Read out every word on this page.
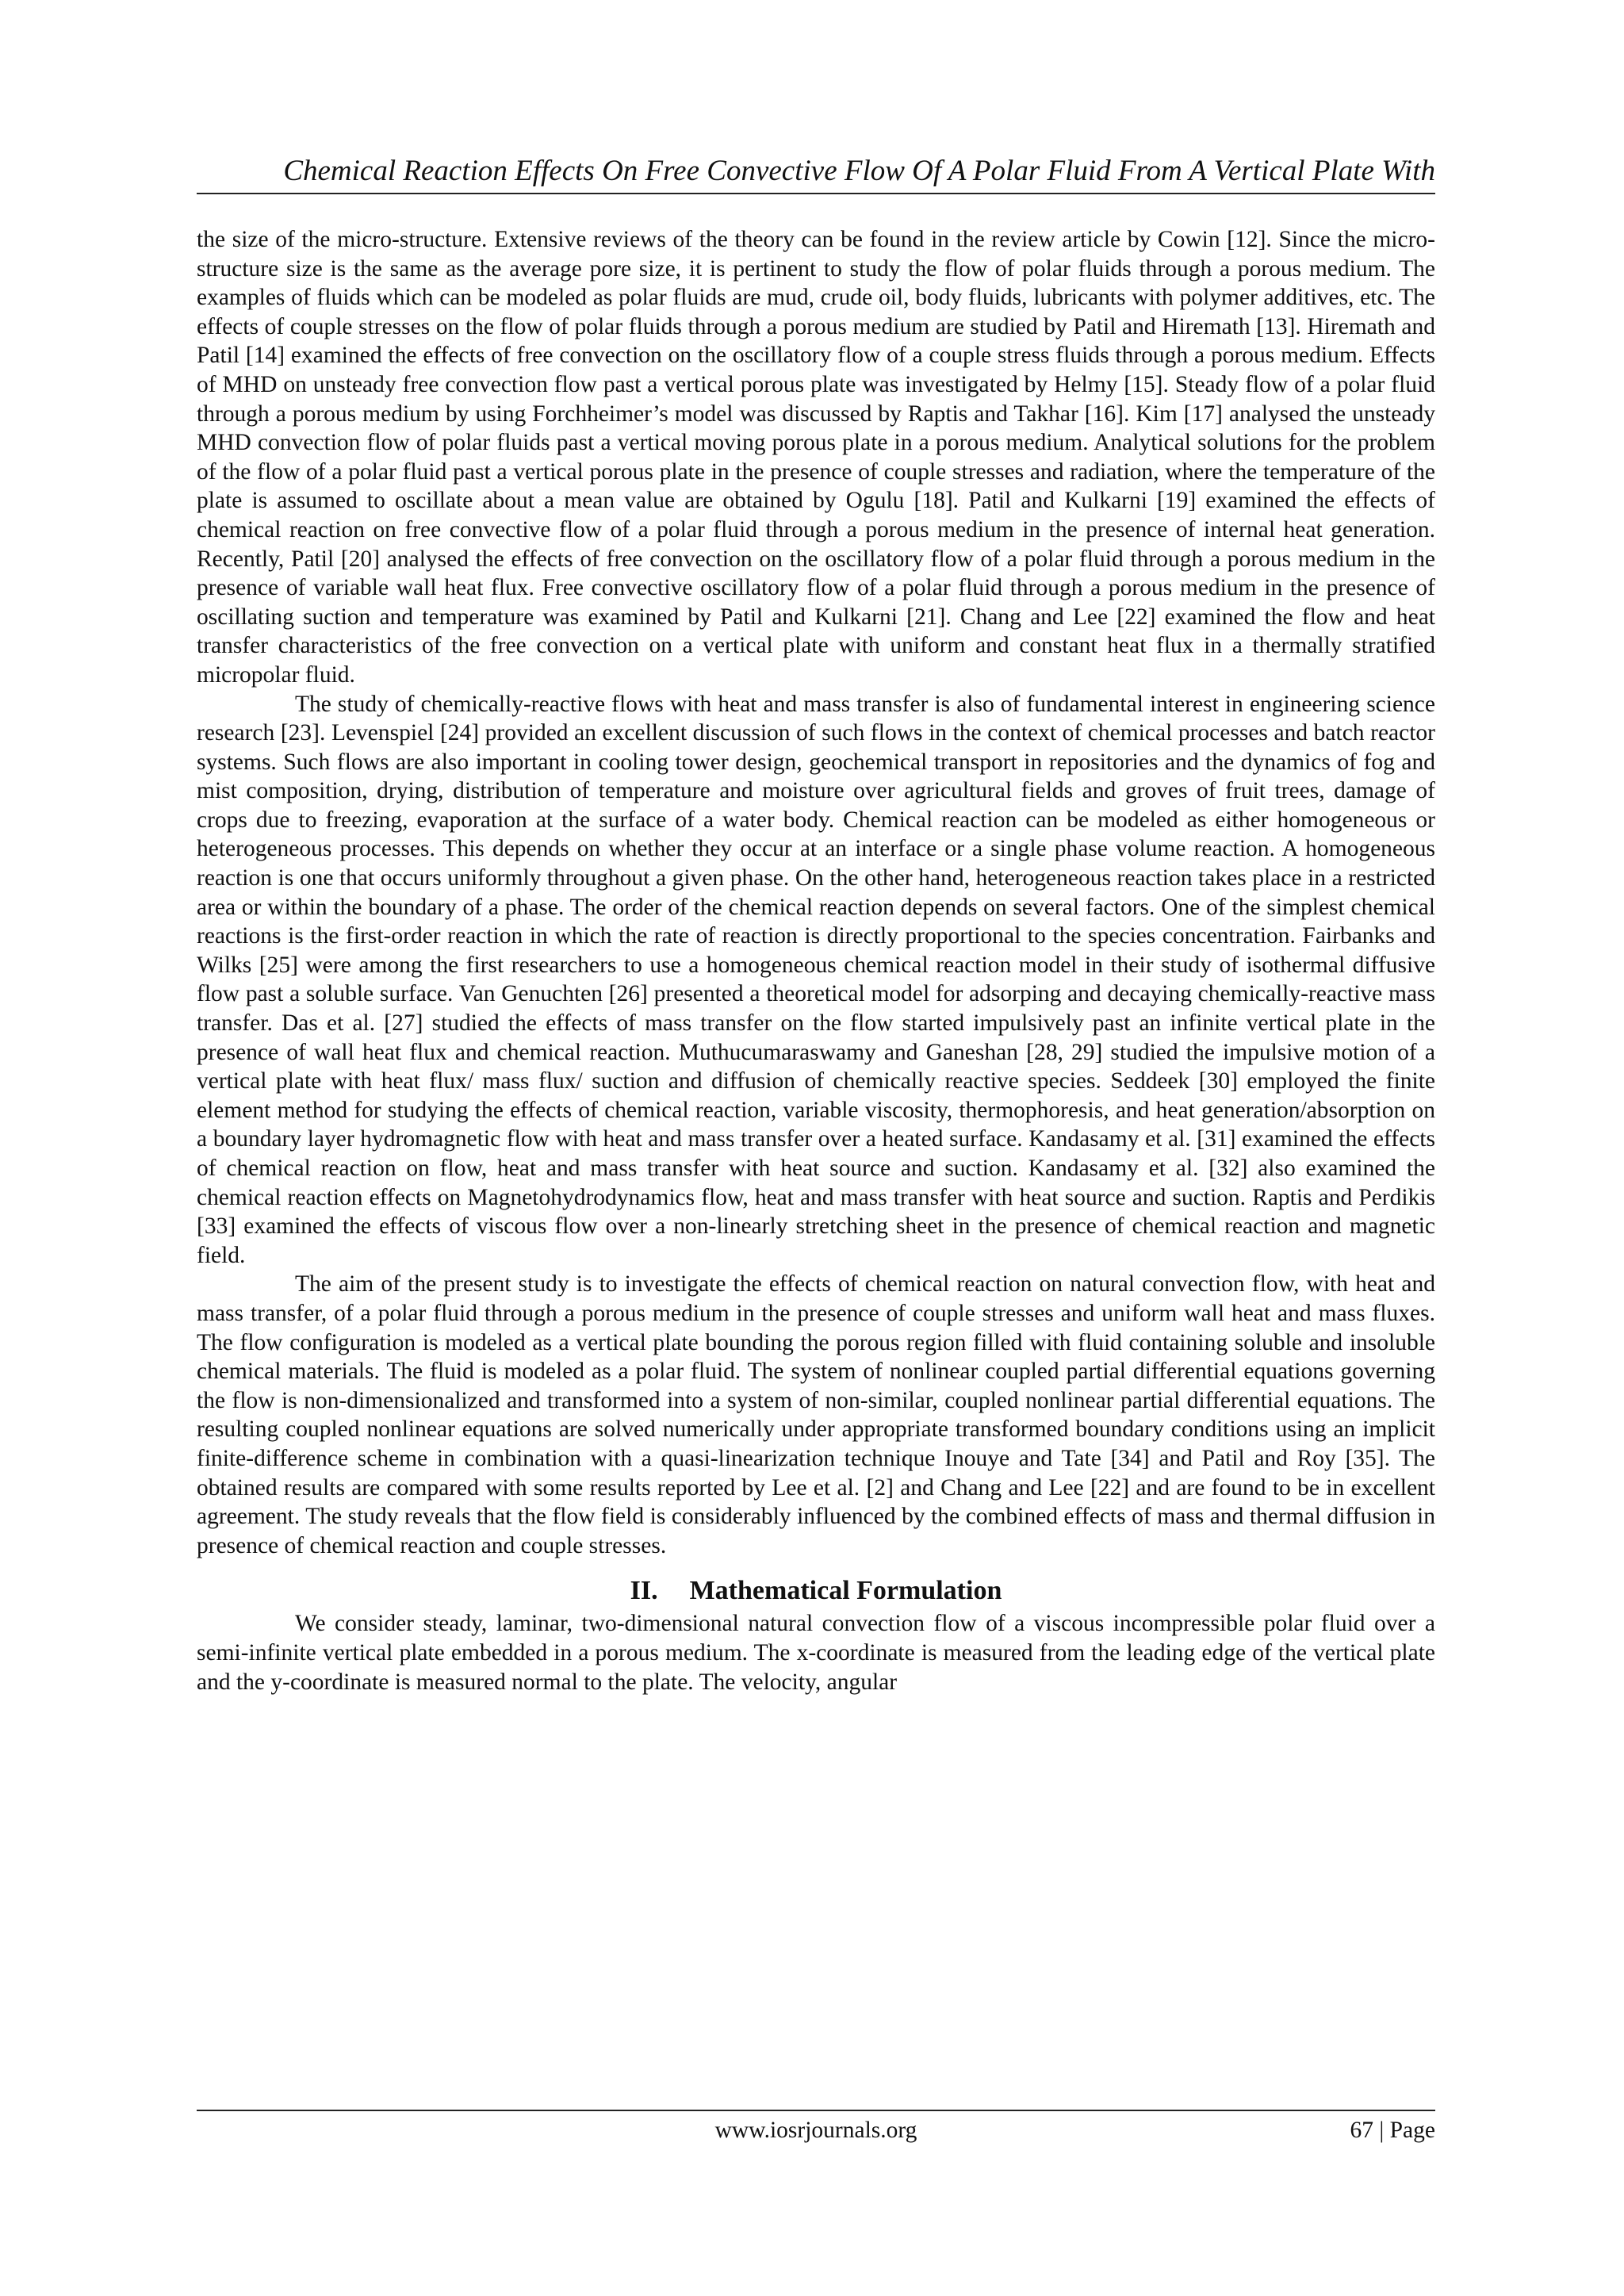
Chemical Reaction Effects On Free Convective Flow Of A Polar Fluid From A Vertical Plate With

the size of the micro-structure. Extensive reviews of the theory can be found in the review article by Cowin [12]. Since the micro-structure size is the same as the average pore size, it is pertinent to study the flow of polar fluids through a porous medium. The examples of fluids which can be modeled as polar fluids are mud, crude oil, body fluids, lubricants with polymer additives, etc. The effects of couple stresses on the flow of polar fluids through a porous medium are studied by Patil and Hiremath [13]. Hiremath and Patil [14] examined the effects of free convection on the oscillatory flow of a couple stress fluids through a porous medium. Effects of MHD on unsteady free convection flow past a vertical porous plate was investigated by Helmy [15]. Steady flow of a polar fluid through a porous medium by using Forchheimer’s model was discussed by Raptis and Takhar [16]. Kim [17] analysed the unsteady MHD convection flow of polar fluids past a vertical moving porous plate in a porous medium. Analytical solutions for the problem of the flow of a polar fluid past a vertical porous plate in the presence of couple stresses and radiation, where the temperature of the plate is assumed to oscillate about a mean value are obtained by Ogulu [18]. Patil and Kulkarni [19] examined the effects of chemical reaction on free convective flow of a polar fluid through a porous medium in the presence of internal heat generation. Recently, Patil [20] analysed the effects of free convection on the oscillatory flow of a polar fluid through a porous medium in the presence of variable wall heat flux. Free convective oscillatory flow of a polar fluid through a porous medium in the presence of oscillating suction and temperature was examined by Patil and Kulkarni [21]. Chang and Lee [22] examined the flow and heat transfer characteristics of the free convection on a vertical plate with uniform and constant heat flux in a thermally stratified micropolar fluid.

The study of chemically-reactive flows with heat and mass transfer is also of fundamental interest in engineering science research [23]. Levenspiel [24] provided an excellent discussion of such flows in the context of chemical processes and batch reactor systems. Such flows are also important in cooling tower design, geochemical transport in repositories and the dynamics of fog and mist composition, drying, distribution of temperature and moisture over agricultural fields and groves of fruit trees, damage of crops due to freezing, evaporation at the surface of a water body. Chemical reaction can be modeled as either homogeneous or heterogeneous processes. This depends on whether they occur at an interface or a single phase volume reaction. A homogeneous reaction is one that occurs uniformly throughout a given phase. On the other hand, heterogeneous reaction takes place in a restricted area or within the boundary of a phase. The order of the chemical reaction depends on several factors. One of the simplest chemical reactions is the first-order reaction in which the rate of reaction is directly proportional to the species concentration. Fairbanks and Wilks [25] were among the first researchers to use a homogeneous chemical reaction model in their study of isothermal diffusive flow past a soluble surface. Van Genuchten [26] presented a theoretical model for adsorping and decaying chemically-reactive mass transfer. Das et al. [27] studied the effects of mass transfer on the flow started impulsively past an infinite vertical plate in the presence of wall heat flux and chemical reaction. Muthucumaraswamy and Ganeshan [28, 29] studied the impulsive motion of a vertical plate with heat flux/ mass flux/ suction and diffusion of chemically reactive species. Seddeek [30] employed the finite element method for studying the effects of chemical reaction, variable viscosity, thermophoresis, and heat generation/absorption on a boundary layer hydromagnetic flow with heat and mass transfer over a heated surface. Kandasamy et al. [31] examined the effects of chemical reaction on flow, heat and mass transfer with heat source and suction. Kandasamy et al. [32] also examined the chemical reaction effects on Magnetohydrodynamics flow, heat and mass transfer with heat source and suction. Raptis and Perdikis [33] examined the effects of viscous flow over a non-linearly stretching sheet in the presence of chemical reaction and magnetic field.

The aim of the present study is to investigate the effects of chemical reaction on natural convection flow, with heat and mass transfer, of a polar fluid through a porous medium in the presence of couple stresses and uniform wall heat and mass fluxes. The flow configuration is modeled as a vertical plate bounding the porous region filled with fluid containing soluble and insoluble chemical materials. The fluid is modeled as a polar fluid. The system of nonlinear coupled partial differential equations governing the flow is non-dimensionalized and transformed into a system of non-similar, coupled nonlinear partial differential equations. The resulting coupled nonlinear equations are solved numerically under appropriate transformed boundary conditions using an implicit finite-difference scheme in combination with a quasi-linearization technique Inouye and Tate [34] and Patil and Roy [35]. The obtained results are compared with some results reported by Lee et al. [2] and Chang and Lee [22] and are found to be in excellent agreement. The study reveals that the flow field is considerably influenced by the combined effects of mass and thermal diffusion in presence of chemical reaction and couple stresses.

II. Mathematical Formulation

We consider steady, laminar, two-dimensional natural convection flow of a viscous incompressible polar fluid over a semi-infinite vertical plate embedded in a porous medium. The x-coordinate is measured from the leading edge of the vertical plate and the y-coordinate is measured normal to the plate. The velocity, angular

www.iosrjournals.org	67 | Page
